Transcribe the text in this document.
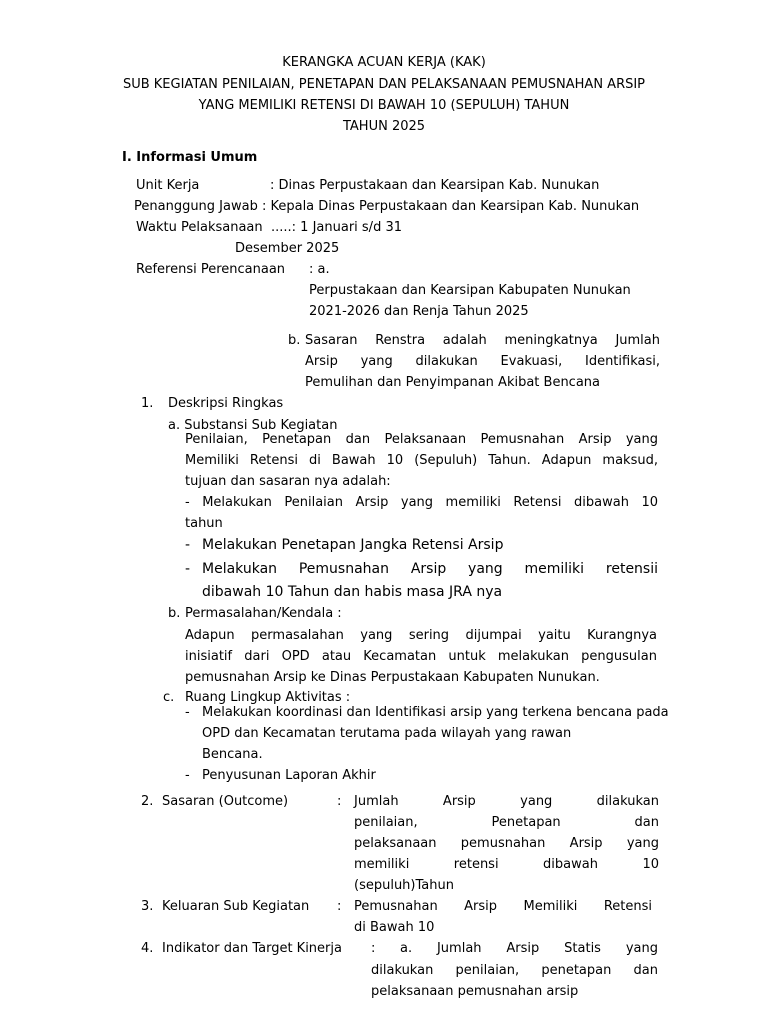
KERANGKA ACUAN KERJA (KAK)
SUB KEGIATAN PENILAIAN, PENETAPAN DAN PELAKSANAAN PEMUSNAHAN ARSIP
YANG MEMILIKI RETENSI DI BAWAH 10 (SEPULUH) TAHUN
TAHUN 2025
I. Informasi Umum
Unit Kerja	: Dinas Perpustakaan dan Kearsipan Kab. Nunukan
Penanggung Jawab : Kepala Dinas Perpustakaan dan Kearsipan Kab. Nunukan
Waktu Pelaksanaan .....: 1 Januari s/d 31
Desember 2025
Referensi Perencanaan : a.
Perpustakaan dan Kearsipan Kabupaten Nunukan
2021-2026 dan Renja Tahun 2025
b. Sasaran Renstra adalah meningkatnya Jumlah
Arsip yang dilakukan Evakuasi, Identifikasi,
Pemulihan dan Penyimpanan Akibat Bencana
1. Deskripsi Ringkas
a. Substansi Sub Kegiatan
Penilaian, Penetapan dan Pelaksanaan Pemusnahan Arsip yang
Memiliki Retensi di Bawah 10 (Sepuluh) Tahun. Adapun maksud,
tujuan dan sasaran nya adalah:
- Melakukan Penilaian Arsip yang memiliki Retensi dibawah 10
tahun
- Melakukan Penetapan Jangka Retensi Arsip
- Melakukan Pemusnahan Arsip yang memiliki retensii
dibawah 10 Tahun dan habis masa JRA nya
b. Permasalahan/Kendala :
Adapun permasalahan yang sering dijumpai yaitu Kurangnya
inisiatif dari OPD atau Kecamatan untuk melakukan pengusulan
pemusnahan Arsip ke Dinas Perpustakaan Kabupaten Nunukan.
c. Ruang Lingkup Aktivitas :
- Melakukan koordinasi dan Identifikasi arsip yang terkena bencana pada
OPD dan Kecamatan terutama pada wilayah yang rawan
Bencana.
- Penyusunan Laporan Akhir
2. Sasaran (Outcome)	: Jumlah Arsip yang dilakukan
penilaian, Penetapan dan
pelaksanaan pemusnahan Arsip yang
memiliki retensi dibawah 10
(sepuluh)Tahun
3. Keluaran Sub Kegiatan : Pemusnahan Arsip Memiliki Retensi
di Bawah 10
4. Indikator dan Target Kinerja : a. Jumlah Arsip Statis yang
dilakukan penilaian, penetapan dan
pelaksanaan pemusnahan arsip
